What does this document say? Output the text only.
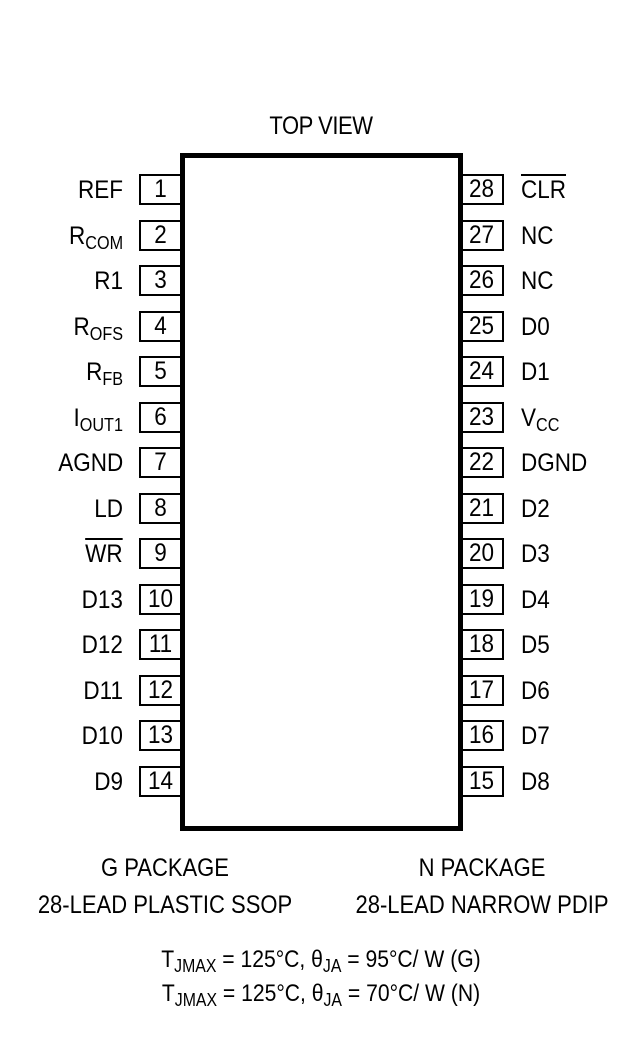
TOP VIEW
1
REF
2
$R_{COM}$
3
R1
4
$R_{OFS}$
5
$R_{FB}$
6
$I_{OUT1}$
7
AGND
8
LD
9
$\overline{WR}$
10
D13
11
D12
12
D11
13
D10
14
D9
28 $\overline{CLR}$
27 NC
26 NC
25 D0
24 D1
23 $V_{CC}$
22 DGND
21 D2
20 D3
19 D4
18 D5
17 D6
16 D7
15 D8
G PACKAGE
28-LEAD PLASTIC SSOP
N PACKAGE
28-LEAD NARROW PDIP
$T_{JMAX} = 125^\circ C$, $\theta_{JA} = 95^\circ C/$ W (G)
$T_{JMAX} = 125^\circ C$, $\theta_{JA} = 70^\circ C/$ W (N)
